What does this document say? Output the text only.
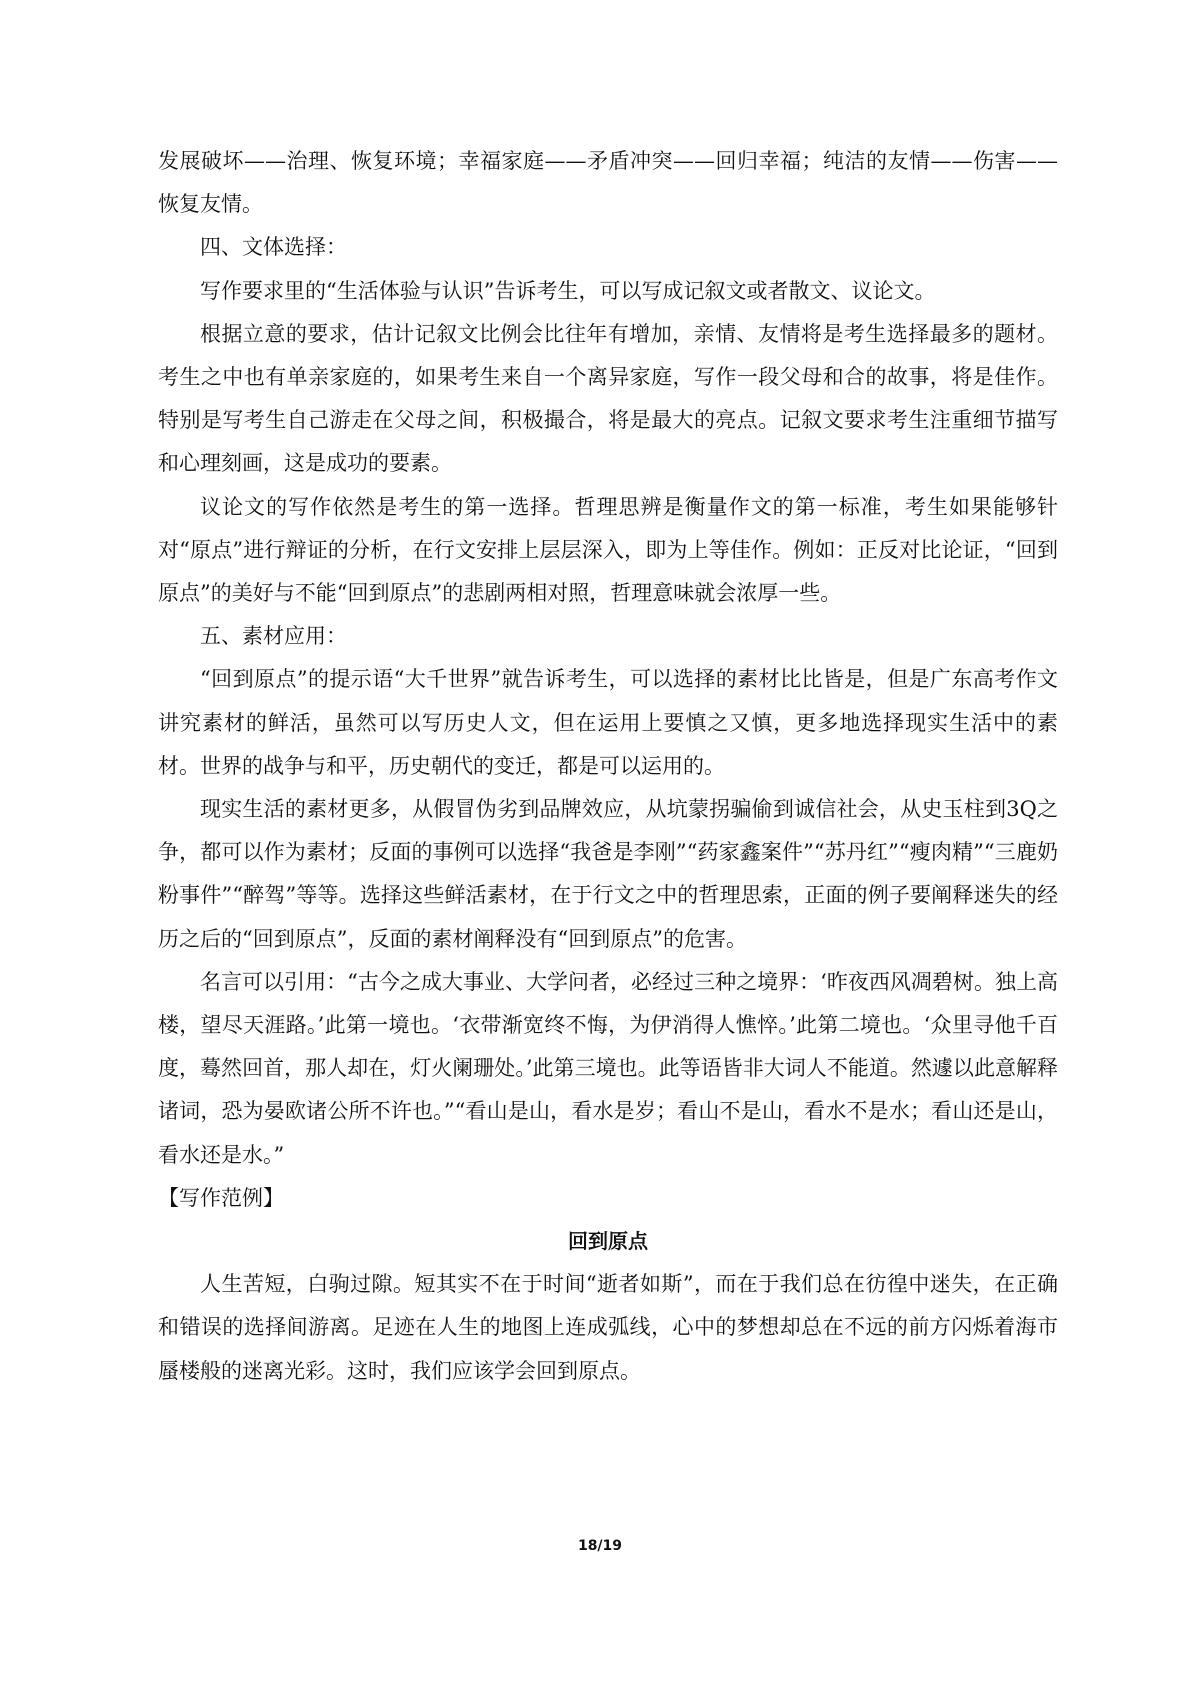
发展破坏——治理、恢复环境；幸福家庭——矛盾冲突——回归幸福；纯洁的友情——伤害——恢复友情。

四、文体选择：

写作要求里的“生活体验与认识”告诉考生，可以写成记叙文或者散文、议论文。

根据立意的要求，估计记叙文比例会比往年有增加，亲情、友情将是考生选择最多的题材。考生之中也有单亲家庭的，如果考生来自一个离异家庭，写作一段父母和合的故事，将是佳作。特别是写考生自己游走在父母之间，积极撮合，将是最大的亮点。记叙文要求考生注重细节描写和心理刻画，这是成功的要素。

议论文的写作依然是考生的第一选择。哲理思辨是衡量作文的第一标准，考生如果能够针对“原点”进行辩证的分析，在行文安排上层层深入，即为上等佳作。例如：正反对比论证，“回到原点”的美好与不能“回到原点”的悲剧两相对照，哲理意味就会浓厚一些。

五、素材应用：

“回到原点”的提示语“大千世界”就告诉考生，可以选择的素材比比皆是，但是广东高考作文讲究素材的鲜活，虽然可以写历史人文，但在运用上要慎之又慎，更多地选择现实生活中的素材。世界的战争与和平，历史朝代的变迁，都是可以运用的。

现实生活的素材更多，从假冒伪劣到品牌效应，从坑蒙拐骗偷到诚信社会，从史玉柱到3Q之争，都可以作为素材；反面的事例可以选择“我爸是李刚”“药家鑫案件”“苏丹红”“瘦肉精”“三鹿奶粉事件”“醉驾”等等。选择这些鲜活素材，在于行文之中的哲理思索，正面的例子要阐释迷失的经历之后的“回到原点”，反面的素材阐释没有“回到原点”的危害。

名言可以引用：“古今之成大事业、大学问者，必经过三种之境界：‘昨夜西风凋碧树。独上高楼，望尽天涯路。’此第一境也。‘衣带渐宽终不悔，为伊消得人憔悴。’此第二境也。‘众里寻他千百度，蓦然回首，那人却在，灯火阑珊处。’此第三境也。此等语皆非大词人不能道。然遽以此意解释诸词，恐为晏欧诸公所不许也。”“看山是山，看水是岁；看山不是山，看水不是水；看山还是山，看水还是水。”

【写作范例】

回到原点

人生苦短，白驹过隙。短其实不在于时间“逝者如斯”，而在于我们总在彷徨中迷失，在正确和错误的选择间游离。足迹在人生的地图上连成弧线，心中的梦想却总在不远的前方闪烁着海市蜃楼般的迷离光彩。这时，我们应该学会回到原点。

18/19
